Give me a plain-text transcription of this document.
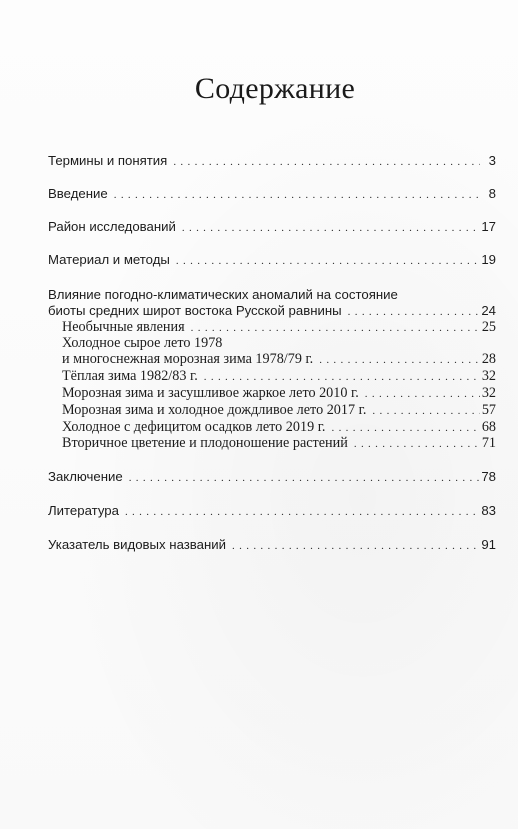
Содержание
Термины и понятия . . .	3
Введение . . .	8
Район исследований . . .	17
Материал и методы . . .	19
Влияние погодно-климатических аномалий на состояние
биоты средних широт востока Русской равнины . . .	24
Необычные явления . . .	25
Холодное сырое лето 1978
и многоснежная морозная зима 1978/79 г. . . .	28
Тёплая зима 1982/83 г. . . .	32
Морозная зима и засушливое жаркое лето 2010 г. . . .	32
Морозная зима и холодное дождливое лето 2017 г. . . .	57
Холодное с дефицитом осадков лето 2019 г. . . .	68
Вторичное цветение и плодоношение растений . . .	71
Заключение . . .	78
Литература . . .	83
Указатель видовых названий . . .	91
